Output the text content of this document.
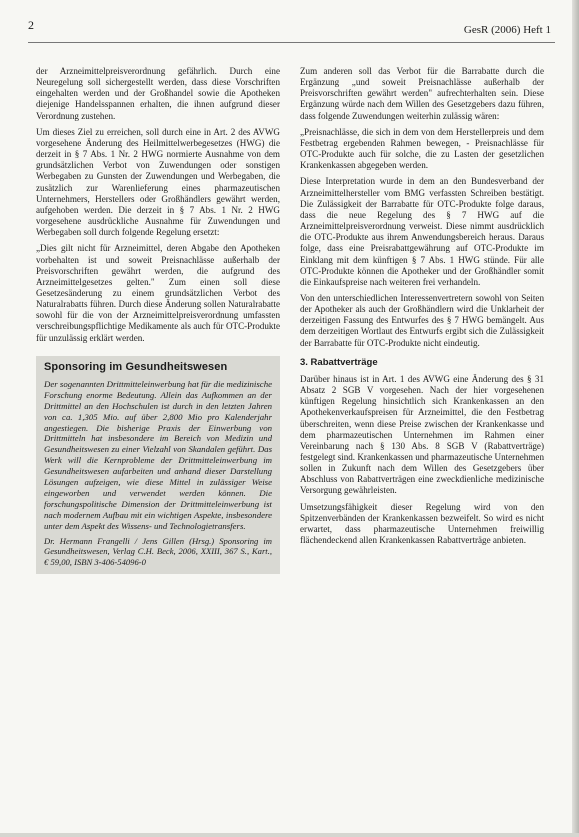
2	GesR (2006) Heft 1

der Arzneimittelpreisverordnung gefährlich. Durch eine Neuregelung soll sichergestellt werden, dass diese Vorschriften eingehalten werden und der Großhandel sowie die Apotheken diejenige Handelsspannen erhalten, die ihnen aufgrund dieser Verordnung zustehen.

Um dieses Ziel zu erreichen, soll durch eine in Art. 2 des AVWG vorgesehene Änderung des Heilmittelwerbegesetzes (HWG) die derzeit in § 7 Abs. 1 Nr. 2 HWG normierte Ausnahme von dem grundsätzlichen Verbot von Zuwendungen oder sonstigen Werbegaben zu Gunsten der Zuwendungen und Werbegaben, die zusätzlich zur Warenlieferung eines pharmazeutischen Unternehmers, Herstellers oder Großhändlers gewährt werden, aufgehoben werden. Die derzeit in § 7 Abs. 1 Nr. 2 HWG vorgesehene ausdrückliche Ausnahme für Zuwendungen und Werbegaben soll durch folgende Regelung ersetzt:

„Dies gilt nicht für Arzneimittel, deren Abgabe den Apotheken vorbehalten ist und soweit Preisnachlässe außerhalb der Preisvorschriften gewährt werden, die aufgrund des Arzneimittelgesetzes gelten." Zum einen soll diese Gesetzesänderung zu einem grundsätzlichen Verbot des Naturalrabatts führen. Durch diese Änderung sollen Naturalrabatte sowohl für die von der Arzneimittelpreisverordnung umfassten verschreibungspflichtige Medikamente als auch für OTC-Produkte für unzulässig erklärt werden.

Sponsoring im Gesundheitswesen

Der sogenannten Drittmitteleinwerbung hat für die medizinische Forschung enorme Bedeutung. Allein das Aufkommen an der Drittmittel an den Hochschulen ist durch in den letzten Jahren von ca. 1,305 Mio. auf über 2,800 Mio pro Kalenderjahr angestiegen. Die bisherige Praxis der Einwerbung von Drittmitteln hat insbesondere im Bereich von Medizin und Gesundheitswesen zu einer Vielzahl von Skandalen geführt. Das Werk will die Kernprobleme der Drittmitteleinwerbung im Gesundheitswesen aufarbeiten und anhand dieser Darstellung Lösungen aufzeigen, wie diese Mittel in zulässiger Weise eingeworben und verwendet werden können. Die forschungspolitische Dimension der Drittmitteleinwerbung ist nach modernem Aufbau mit ein wichtigen Aspekte, insbesondere unter dem Aspekt des Wissens- und Technologietransfers.

Dr. Hermann Frangelli / Jens Gillen (Hrsg.) Sponsoring im Gesundheitswesen, Verlag C.H. Beck, 2006, XXIII, 367 S., Kart., € 59,00, ISBN 3-406-54096-0

Zum anderen soll das Verbot für die Barrabatte durch die Ergänzung „und soweit Preisnachlässe außerhalb der Preisvorschriften gewährt werden" aufrechterhalten sein. Diese Ergänzung würde nach dem Willen des Gesetzgebers dazu führen, dass folgende Zuwendungen weiterhin zulässig wären:

„Preisnachlässe, die sich in dem von dem Herstellerpreis und dem Festbetrag ergebenden Rahmen bewegen, - Preisnachlässe für OTC-Produkte auch für solche, die zu Lasten der gesetzlichen Krankenkassen abgegeben werden.

Diese Interpretation wurde in dem an den Bundesverband der Arzneimittelhersteller vom BMG verfassten Schreiben bestätigt. Die Zulässigkeit der Barrabatte für OTC-Produkte folge daraus, dass die neue Regelung des § 7 HWG auf die Arzneimittelpreisverordnung verweist. Diese nimmt ausdrücklich die OTC-Produkte aus ihrem Anwendungsbereich heraus. Daraus folge, dass eine Preisrabattgewährung auf OTC-Produkte im Einklang mit dem künftigen § 7 Abs. 1 HWG stünde. Für alle OTC-Produkte können die Apotheker und der Großhändler somit die Einkaufspreise nach weiteren frei verhandeln.

Von den unterschiedlichen Interessenvertretern sowohl von Seiten der Apotheker als auch der Großhändlern wird die Unklarheit der derzeitigen Fassung des Entwurfes des § 7 HWG bemängelt. Aus dem derzeitigen Wortlaut des Entwurfs ergibt sich die Zulässigkeit der Barrabatte für OTC-Produkte nicht eindeutig.

3. Rabattverträge

Darüber hinaus ist in Art. 1 des AVWG eine Änderung des § 31 Absatz 2 SGB V vorgesehen. Nach der hier vorgesehenen künftigen Regelung hinsichtlich sich Krankenkassen an den Apothekenverkaufspreisen für Arzneimittel, die den Festbetrag überschreiten, wenn diese Preise zwischen der Krankenkasse und dem pharmazeutischen Unternehmen im Rahmen einer Vereinbarung nach § 130 Abs. 8 SGB V (Rabattverträge) festgelegt sind. Krankenkassen und pharmazeutische Unternehmen sollen in Zukunft nach dem Willen des Gesetzgebers über Abschluss von Rabattverträgen eine zweckdienliche medizinische Versorgung gewährleisten.

Umsetzungsfähigkeit dieser Regelung wird von den Spitzenverbänden der Krankenkassen bezweifelt. So wird es nicht erwartet, dass pharmazeutische Unternehmen freiwillig flächendeckend allen Krankenkassen Rabattverträge anbieten.
